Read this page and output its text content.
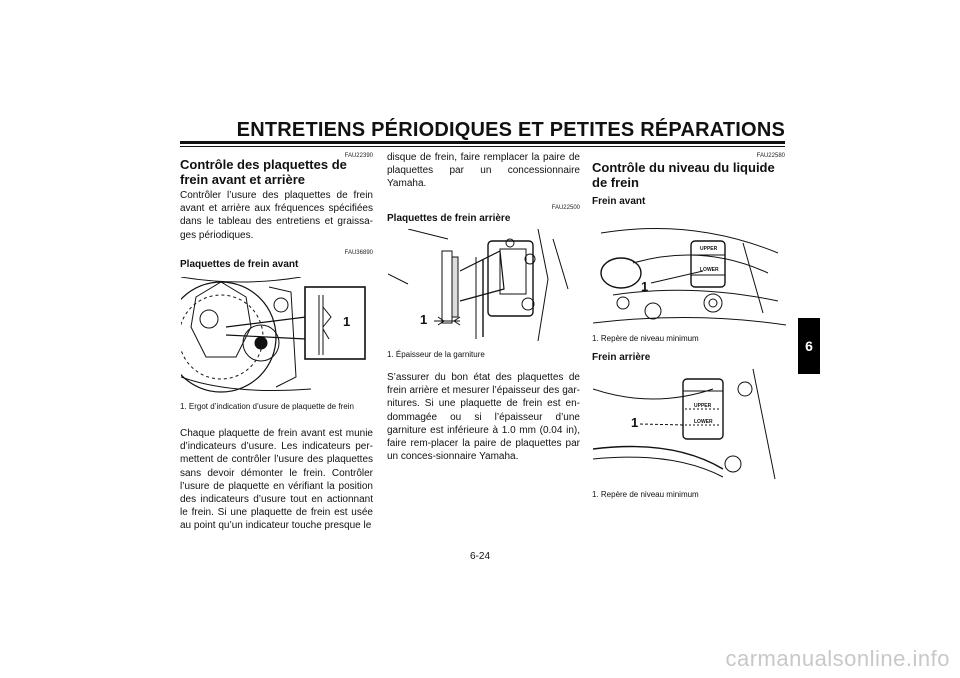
ENTRETIENS PÉRIODIQUES ET PETITES RÉPARATIONS
FAU22390
Contrôle des plaquettes de frein avant et arrière
Contrôler l’usure des plaquettes de frein avant et arrière aux fréquences spécifiées dans le tableau des entretiens et graissa-ges périodiques.
FAU36890
Plaquettes de frein avant
1
1. Ergot d’indication d’usure de plaquette de frein
Chaque plaquette de frein avant est munie d’indicateurs d’usure. Les indicateurs per-mettent de contrôler l’usure des plaquettes sans devoir démonter le frein. Contrôler l’usure de plaquette en vérifiant la position des indicateurs d’usure tout en actionnant le frein. Si une plaquette de frein est usée au point qu’un indicateur touche presque le
disque de frein, faire remplacer la paire de plaquettes par un concessionnaire Yamaha.
FAU22500
Plaquettes de frein arrière
1
1. Épaisseur de la garniture
S’assurer du bon état des plaquettes de frein arrière et mesurer l’épaisseur des gar-nitures. Si une plaquette de frein est en-dommagée ou si l’épaisseur d’une garniture est inférieure à 1.0 mm (0.04 in), faire rem-placer la paire de plaquettes par un conces-sionnaire Yamaha.
FAU22580
Contrôle du niveau du liquide de frein
Frein avant
UPPER
LOWER
1
1. Repère de niveau minimum
Frein arrière
UPPER
LOWER
1
1. Repère de niveau minimum
6
6-24
carmanualsonline.info
